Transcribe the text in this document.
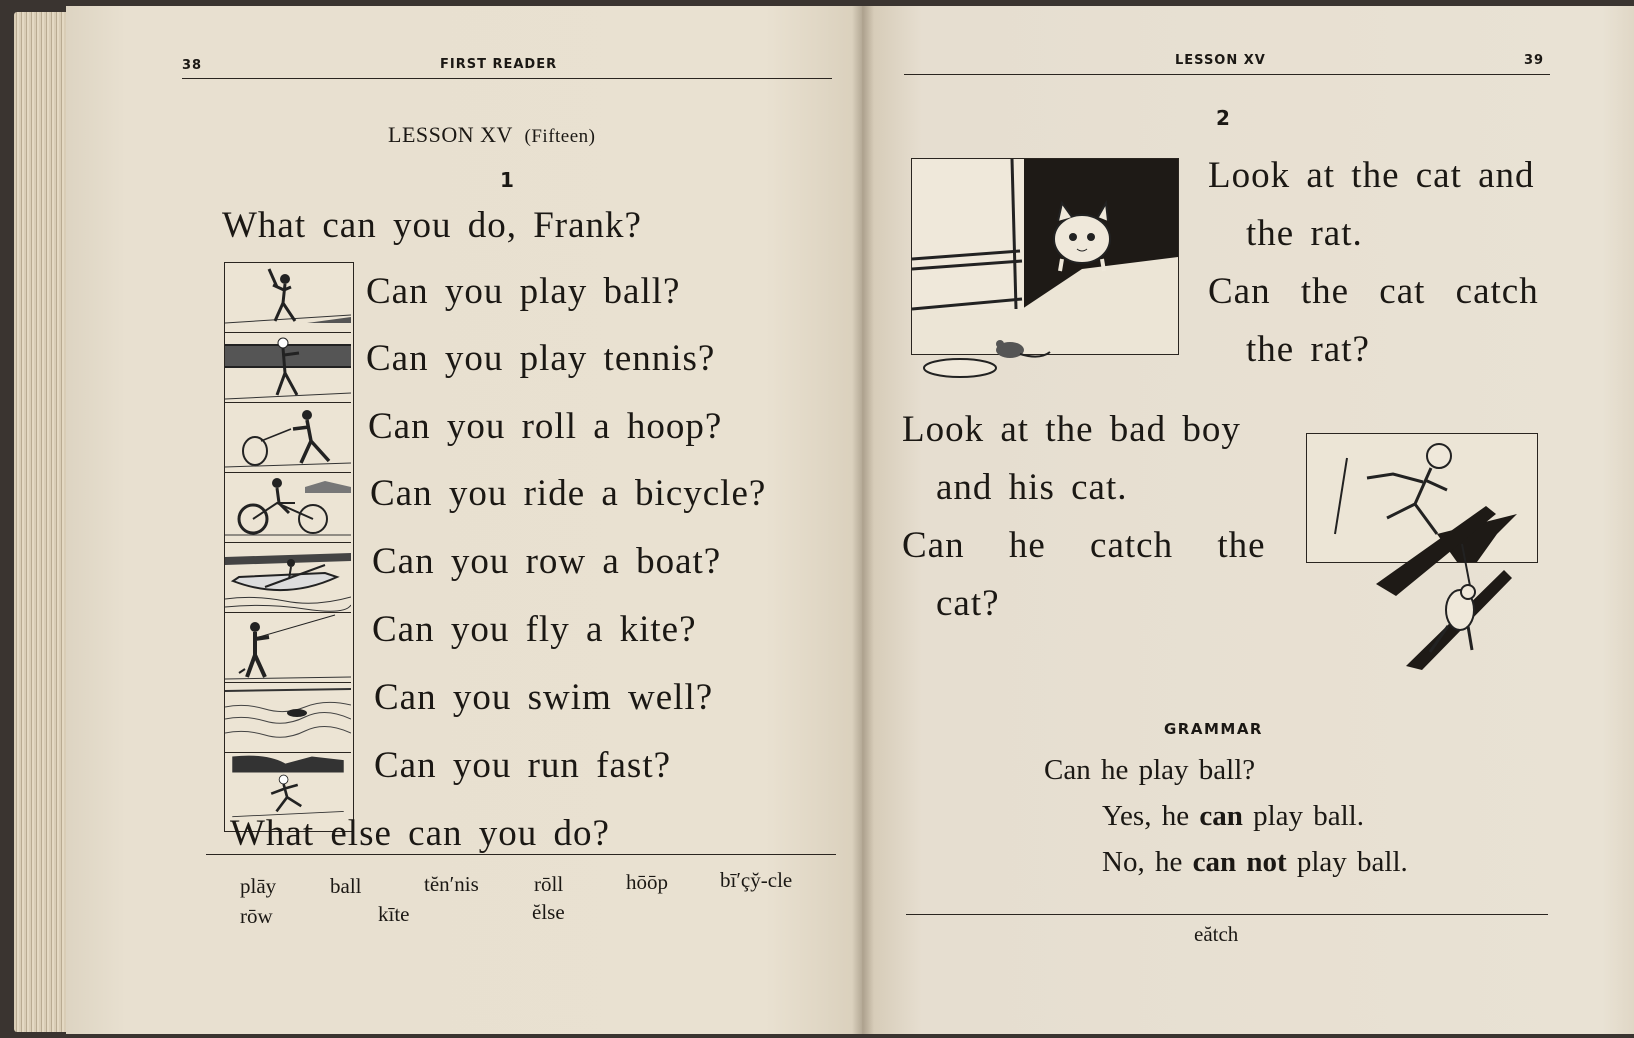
38	FIRST READER
LESSON XV (Fifteen)
1
What can you do, Frank?
Can you play ball?
Can you play tennis?
Can you roll a hoop?
Can you ride a bicycle?
Can you row a boat?
Can you fly a kite?
Can you swim well?
Can you run fast?
What else can you do?
plāy	ball	tĕn′nis	rōll	hōōp bī′çy̆-cle
rōw	kīte	ĕlse
LESSON XV	39
2
Look at the cat and
the rat.
Can the cat catch
the rat?
Look at the bad boy
and his cat.
Can he catch the
cat?
GRAMMAR
Can he play ball?
Yes, he can play ball.
No, he can not play ball.
eătch
